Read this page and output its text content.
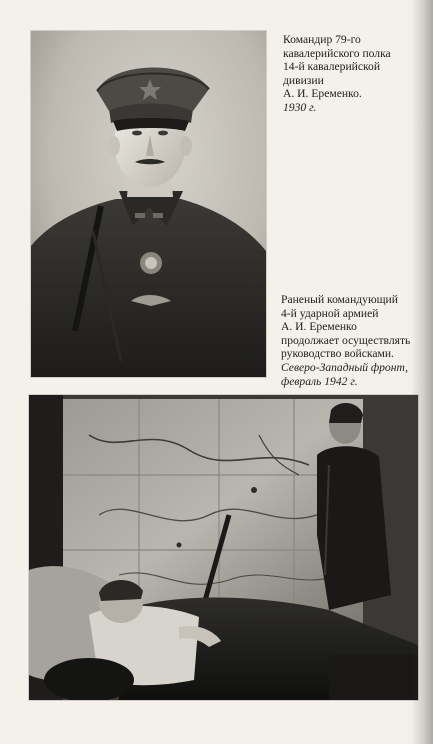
Командир 79-го
кавалерийского полка
14-й кавалерийской
дивизии
А. И. Еременко.
1930 г.
Раненый командующий
4-й ударной армией
А. И. Еременко
продолжает осуществлять
руководство войсками.
Северо-Западный фронт,
февраль 1942 г.
